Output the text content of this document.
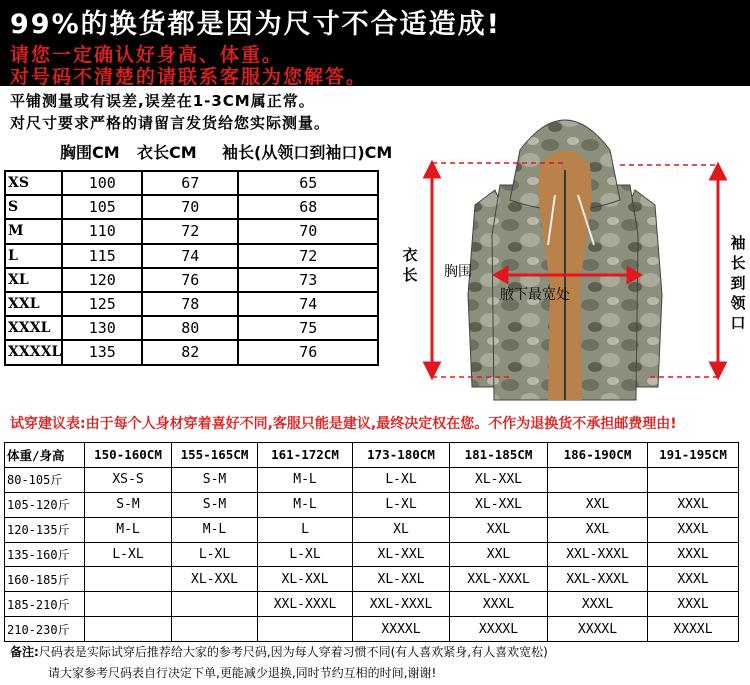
99%的换货都是因为尺寸不合适造成!
请您一定确认好身高、体重。
对号码不清楚的请联系客服为您解答。
平铺测量或有误差,误差在1-3CM属正常。
对尺寸要求严格的请留言发货给您实际测量。
胸围CM 衣长CM 袖长(从领口到袖口)CM
XS	100	67	65
S	105	70	68
M	110	72	70
L	115	74	72
XL	120	76	73
XXL	125	78	74
XXXL	130	80	75
XXXXL	135	82	76
衣长 胸围
腋下最宽处
袖长到领口
试穿建议表:由于每个人身材穿着喜好不同,客服只能是建议,最终决定权在您。不作为退换货不承担邮费理由!
体重/身高	150-160CM	155-165CM	161-172CM	173-180CM	181-185CM	186-190CM	191-195CM
80-105斤	XS-S	S-M	M-L	L-XL	XL-XXL		
105-120斤	S-M	S-M	M-L	L-XL	XL-XXL	XXL	XXXL
120-135斤	M-L	M-L	L	XL	XXL	XXL	XXXL
135-160斤	L-XL	L-XL	L-XL	XL-XXL	XXL	XXL-XXXL	XXXL
160-185斤		XL-XXL	XL-XXL	XL-XXL	XXL-XXXL	XXL-XXXL	XXXL
185-210斤			XXL-XXXL	XXL-XXXL	XXXL	XXXL	XXXL
210-230斤				XXXXL	XXXXL	XXXXL	XXXXL
备注:尺码表是实际试穿后推荐给大家的参考尺码,因为每人穿着习惯不同(有人喜欢紧身,有人喜欢宽松)
请大家参考尺码表自行决定下单,更能减少退换,同时节约互相的时间,谢谢!
